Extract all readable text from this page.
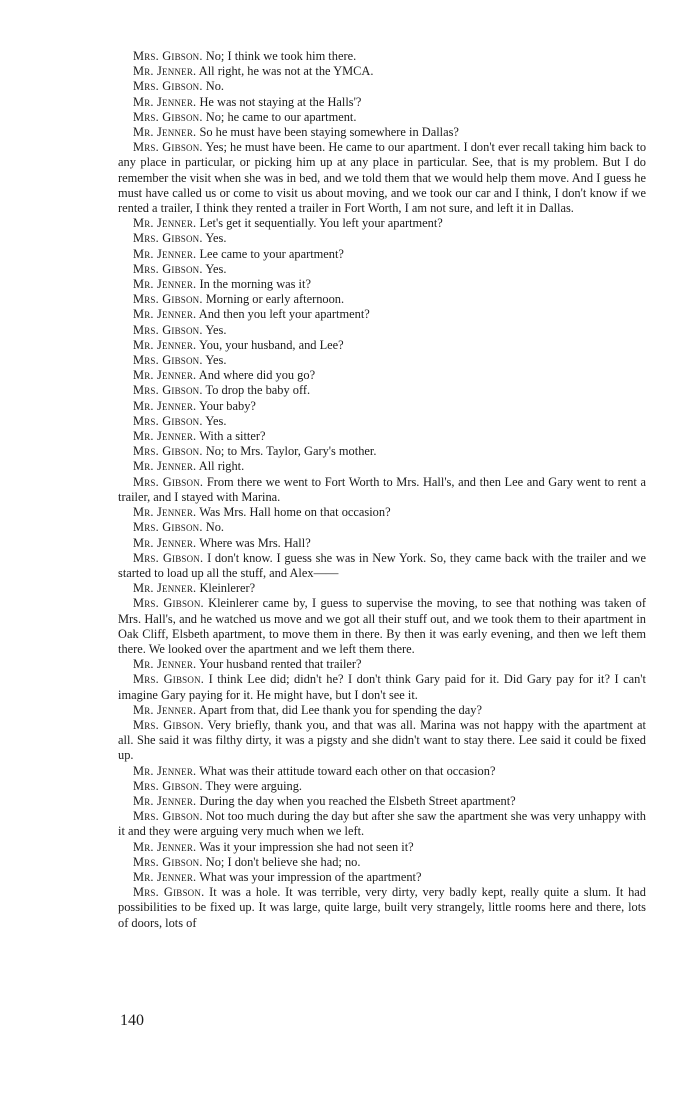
Mrs. Gibson. No; I think we took him there.

Mr. Jenner. All right, he was not at the YMCA.

Mrs. Gibson. No.

Mr. Jenner. He was not staying at the Halls'?

Mrs. Gibson. No; he came to our apartment.

Mr. Jenner. So he must have been staying somewhere in Dallas?

Mrs. Gibson. Yes; he must have been. He came to our apartment. I don't ever recall taking him back to any place in particular, or picking him up at any place in particular. See, that is my problem. But I do remember the visit when she was in bed, and we told them that we would help them move. And I guess he must have called us or come to visit us about moving, and we took our car and I think, I don't know if we rented a trailer, I think they rented a trailer in Fort Worth, I am not sure, and left it in Dallas.

Mr. Jenner. Let's get it sequentially. You left your apartment?

Mrs. Gibson. Yes.

Mr. Jenner. Lee came to your apartment?

Mrs. Gibson. Yes.

Mr. Jenner. In the morning was it?

Mrs. Gibson. Morning or early afternoon.

Mr. Jenner. And then you left your apartment?

Mrs. Gibson. Yes.

Mr. Jenner. You, your husband, and Lee?

Mrs. Gibson. Yes.

Mr. Jenner. And where did you go?

Mrs. Gibson. To drop the baby off.

Mr. Jenner. Your baby?

Mrs. Gibson. Yes.

Mr. Jenner. With a sitter?

Mrs. Gibson. No; to Mrs. Taylor, Gary's mother.

Mr. Jenner. All right.

Mrs. Gibson. From there we went to Fort Worth to Mrs. Hall's, and then Lee and Gary went to rent a trailer, and I stayed with Marina.

Mr. Jenner. Was Mrs. Hall home on that occasion?

Mrs. Gibson. No.

Mr. Jenner. Where was Mrs. Hall?

Mrs. Gibson. I don't know. I guess she was in New York. So, they came back with the trailer and we started to load up all the stuff, and Alex——

Mr. Jenner. Kleinlerer?

Mrs. Gibson. Kleinlerer came by, I guess to supervise the moving, to see that nothing was taken of Mrs. Hall's, and he watched us move and we got all their stuff out, and we took them to their apartment in Oak Cliff, Elsbeth apartment, to move them in there. By then it was early evening, and then we left them there. We looked over the apartment and we left them there.

Mr. Jenner. Your husband rented that trailer?

Mrs. Gibson. I think Lee did; didn't he? I don't think Gary paid for it. Did Gary pay for it? I can't imagine Gary paying for it. He might have, but I don't see it.

Mr. Jenner. Apart from that, did Lee thank you for spending the day?

Mrs. Gibson. Very briefly, thank you, and that was all. Marina was not happy with the apartment at all. She said it was filthy dirty, it was a pigsty and she didn't want to stay there. Lee said it could be fixed up.

Mr. Jenner. What was their attitude toward each other on that occasion?

Mrs. Gibson. They were arguing.

Mr. Jenner. During the day when you reached the Elsbeth Street apartment?

Mrs. Gibson. Not too much during the day but after she saw the apartment she was very unhappy with it and they were arguing very much when we left.

Mr. Jenner. Was it your impression she had not seen it?

Mrs. Gibson. No; I don't believe she had; no.

Mr. Jenner. What was your impression of the apartment?

Mrs. Gibson. It was a hole. It was terrible, very dirty, very badly kept, really quite a slum. It had possibilities to be fixed up. It was large, quite large, built very strangely, little rooms here and there, lots of doors, lots of

140
